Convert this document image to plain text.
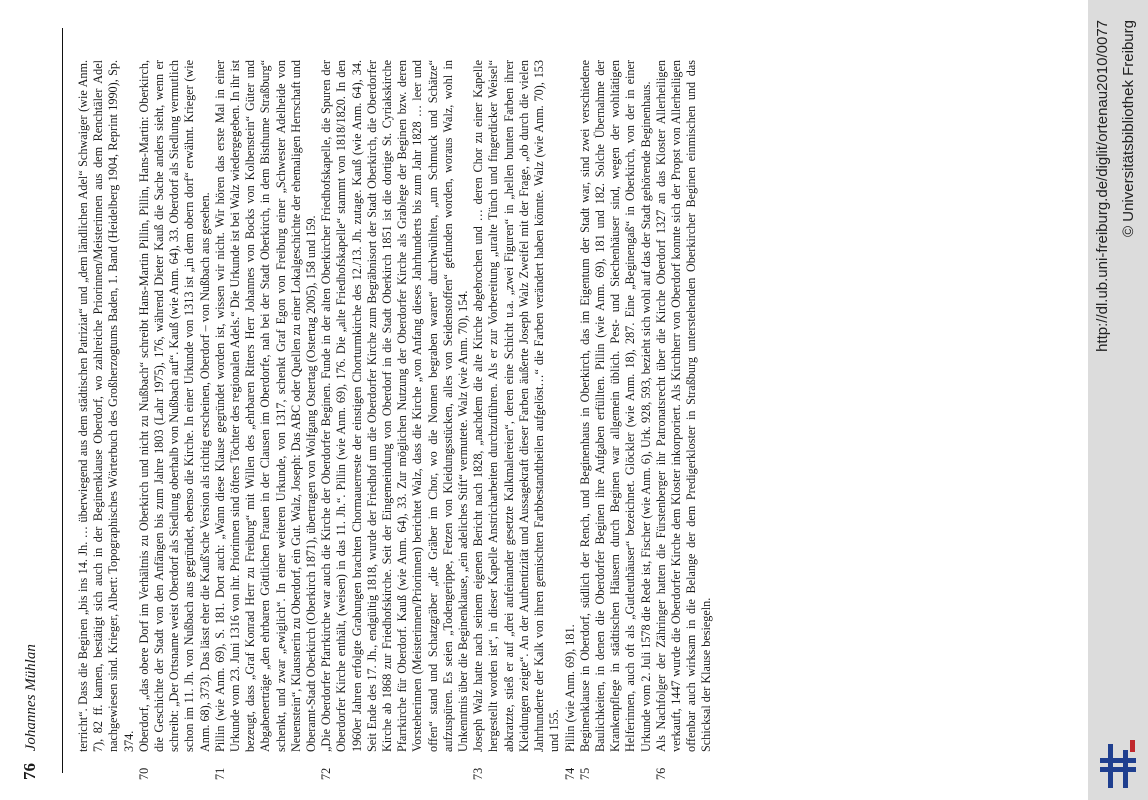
76 Johannes Mühlan	terricht“. Dass die Beginen „bis ins 14. Jh. … überwiegend aus dem städtischen Patriziat“ und „dem ländlichen Adel“ Schwaiger (wie Anm. 7), 82 ff. kamen, bestätigt sich auch in der Beginenklause Oberdorf, wo zahlreiche Priorinnen/Meisterinnen aus dem Renchtäler Adel nachgewiesen sind. Krieger, Albert: Topographisches Wörterbuch des Großherzogtums Baden, 1. Band (Heidelberg 1904, Reprint 1990), Sp. 374.
70
Oberdorf, „das obere Dorf im Verhältnis zu Oberkirch und nicht zu Nußbach“ schreibt Hans-Martin Pillin, Pillin, Hans-Martin: Oberkirch, die Geschichte der Stadt von den Anfängen bis zum Jahre 1803 (Lahr 1975), 176, während Dieter Kauß die Sache anders sieht, wenn er schreibt: „Der Ortsname weist Oberdorf als Siedlung oberhalb von Nußbach auf“. Kauß (wie Anm. 64), 33. Oberdorf als Siedlung vermutlich schon im 11. Jh. von Nußbach aus gegründet, ebenso die Kirche. In einer Urkunde von 1313 ist „in dem obern dorf“ erwähnt. Krieger (wie Anm. 68), 373). Das lässt eher die Kauß'sche Version als richtig erscheinen, Oberdorf – von Nußbach aus gesehen.
71
Pillin (wie Anm. 69), S. 181. Dort auch: „Wann diese Klause gegründet worden ist, wissen wir nicht. Wir hören das erste Mal in einer Urkunde vom 23. Juni 1316 von ihr. Priorinnen sind öfters Töchter des regionalen Adels.“ Die Urkunde ist bei Walz wiedergegeben. In ihr ist bezeugt, dass „Graf Konrad Herr zu Freiburg“ mit Willen des „ehrbaren Ritters Herr Johannes von Bocks von Kolbenstein“ Güter und Abgabenerträge „den ehrbaren Göttlichen Frauen in der Clausen im Oberdorfe, nah bei der Stadt Oberkirch, in dem Bisthume Straßburg“ schenkt, und zwar „ewiglich“. In einer weiteren Urkunde, von 1317, schenkt Graf Egon von Freiburg einer „Schwester Adelheide von Neuenstein“, Klausnerin zu Oberdorf, ein Gut. Walz, Joseph: Das ABC oder Quellen zu einer Lokalgeschichte der ehemaligen Herrschaft und Oberamt-Stadt Oberkirch (Oberkirch 1871), übertragen von Wolfgang Ostertag (Ostertag 2005), 158 und 159.
72
„Die Oberdorfer Pfarrkirche war auch die Kirche der Oberdorfer Beginen. Funde in der alten Oberkircher Friedhofskapelle, die Spuren der Oberdorfer Kirche enthält, (weisen) in das 11. Jh.“. Pillin (wie Anm. 69), 176. Die „alte Friedhofskapelle“ stammt von 1818/1820. In den 1960er Jahren erfolgte Grabungen brachten Chormauerreste der einstigen Chorturmkirche des 12./13. Jh. zutage. Kauß (wie Anm. 64), 34. Seit Ende des 17. Jh., endgültig 1818, wurde der Friedhof um die Oberdorfer Kirche zum Begräbnisort der Stadt Oberkirch, die Oberdorfer Kirche ab 1868 zur Friedhofskirche. Seit der Eingemeindung von Oberdorf in die Stadt Oberkirch 1851 ist die dortige St. Cyriakskirche Pfarrkirche für Oberdorf. Kauß (wie Anm. 64), 33. Zur möglichen Nutzung der Oberdorfer Kirche als Grablege der Beginen bzw. deren Vorsteherinnen (Meisterinnen/Priorinnen) berichtet Walz, dass die Kirche „von Anfang dieses Jahrhunderts bis zum Jahr 1828 … leer und offen“ stand und Schatzgräber „die Gräber im Chor, wo die Nonnen begraben waren“ durchwühlten, „um Schmuck und Schätze“ aufzuspüren. Es seien „Todengerippe, Fetzen von Kleidungsstücken, alles von Seidenstoffen“ gefunden worden, woraus Walz, wohl in Unkenntnis über die Beginenklause, „ein adeliches Stift“ vermutete. Walz (wie Anm. 70), 154.
73
Joseph Walz hatte nach seinem eigenen Bericht nach 1828, „nachdem die alte Kirche abgebrochen und … deren Chor zu einer Kapelle hergestellt worden ist“, in dieser Kapelle Anstricharbeiten durchzuführen. Als er zur Vorbereitung „uralte Tünch und fingerdicker Weisel“ abkratzte, stieß er auf „drei aufeinander gesetzte Kalkmalereien“, deren eine Schicht u.a. „zwei Figuren“ in „hellen bunten Farben ihrer Kleidungen zeigte“. An der Authentizität und Aussagekraft dieser Farben äußerte Joseph Walz Zweifel mit der Frage, „ob durch die vielen Jahrhunderte der Kalk von ihren gemischten Farbbestandtheilen aufgelöst…“ die Farben verändert haben könnte. Walz (wie Anm. 70), 153 und 155.
74
Pillin (wie Anm. 69), 181.
75
Beginenklause in Oberdorf, südlich der Rench, und Beginenhaus in Oberkirch, das im Eigentum der Stadt war, sind zwei verschiedene Baulichkeiten, in denen die Oberdorfer Beginen ihre Aufgaben erfüllten. Pillin (wie Anm. 69), 181 und 182. Solche Übernahme der Krankenpflege in städtischen Häusern durch Beginen war allgemein üblich. Pest- und Siechenhäuser sind, wegen der wohltätigen Helferinnen, auch oft als „Gutleuthäuser“ bezeichnet. Glöckler (wie Anm. 18), 287. Eine „Beginengaß“ in Oberkirch, von der in einer Urkunde vom 2. Juli 1578 die Rede ist, Fischer (wie Anm. 6), Urk. 928, 593, bezieht sich wohl auf das der Stadt gehörende Beginenhaus.
76
Als Nachfolger der Zähringer hatten die Fürstenberger ihr Patronatsrecht über die Kirche Oberdorf 1327 an das Kloster Allerheiligen verkauft, 1447 wurde die Oberdorfer Kirche dem Kloster inkorporiert. Als Kirchherr von Oberdorf konnte sich der Propst von Allerheiligen offenbar auch wirksam in die Belange der dem Predigerkloster in Straßburg unterstehenden Oberkircher Beginen einmischen und das Schicksal der Klause besiegeln.
http://dl.ub.uni-freiburg.de/diglit/ortenau2010/0077 © Universitätsbibliothek Freiburg
